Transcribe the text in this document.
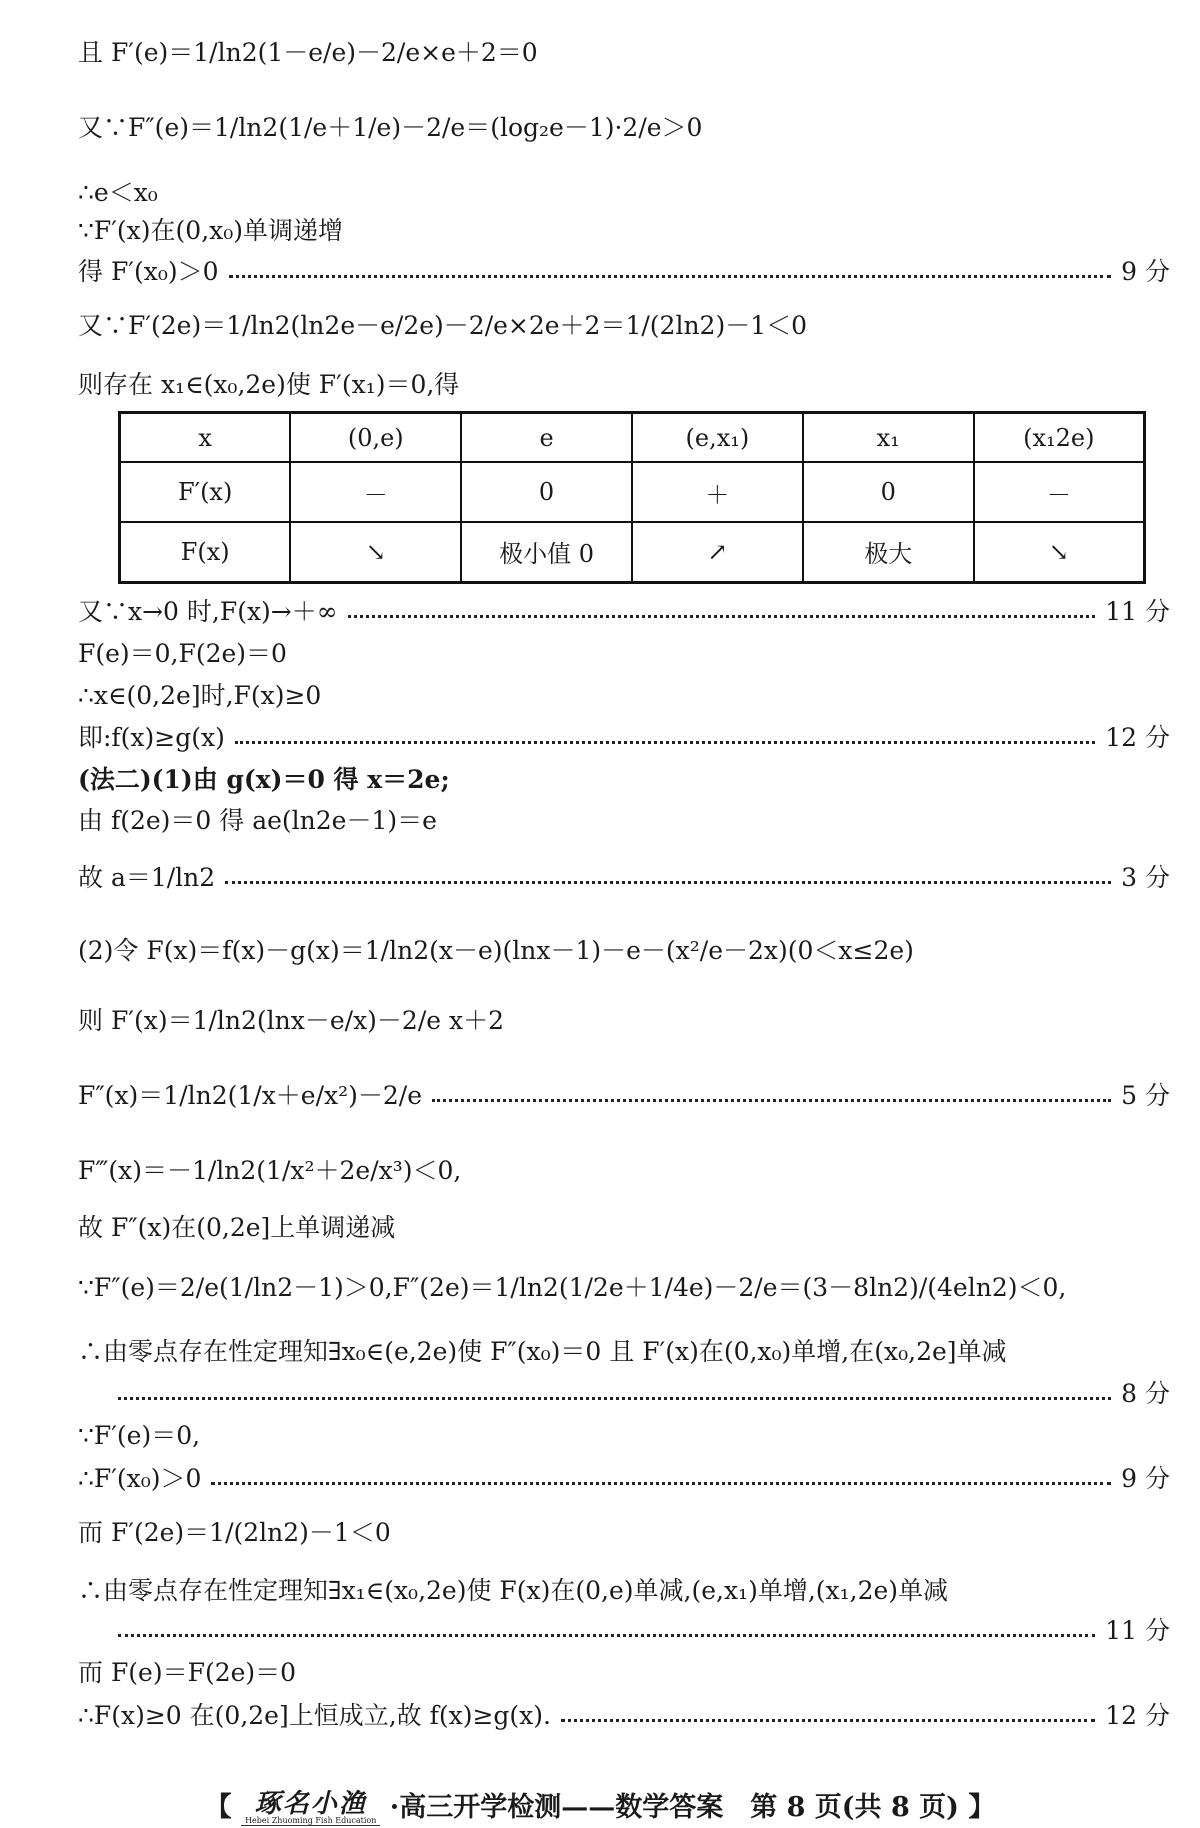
且 F′(e)＝1/ln2(1－e/e)－2/e×e＋2＝0
又∵F″(e)＝1/ln2(1/e＋1/e)－2/e＝(log₂e－1)·2/e＞0
∴e＜x₀
∵F′(x)在(0,x₀)单调递增
得 F′(x₀)＞0	9 分
又∵F′(2e)＝1/ln2(ln2e－e/2e)－2/e×2e＋2＝1/(2ln2)－1＜0
则存在 x₁∈(x₀,2e)使 F′(x₁)＝0,得
x	(0,e)	e	(e,x₁)	x₁	(x₁2e)
F′(x)	－	0	＋	0	－
F(x)	↘	极小值 0	↗	极大	↘
又∵x→0 时,F(x)→＋∞	11 分
F(e)＝0,F(2e)＝0
∴x∈(0,2e]时,F(x)≥0
即:f(x)≥g(x)	12 分
(法二)(1)由 g(x)＝0 得 x＝2e;
由 f(2e)＝0 得 ae(ln2e－1)＝e
故 a＝1/ln2	3 分
(2)令 F(x)＝f(x)－g(x)＝1/ln2(x－e)(lnx－1)－e－(x²/e－2x)(0＜x≤2e)
则 F′(x)＝1/ln2(lnx－e/x)－2/e x＋2
F″(x)＝1/ln2(1/x＋e/x²)－2/e	5 分
F‴(x)＝－1/ln2(1/x²＋2e/x³)＜0,
故 F″(x)在(0,2e]上单调递减
∵F″(e)＝2/e(1/ln2－1)＞0,F″(2e)＝1/ln2(1/2e＋1/4e)－2/e＝(3－8ln2)/(4eln2)＜0,
∴由零点存在性定理知∃x₀∈(e,2e)使 F″(x₀)＝0 且 F′(x)在(0,x₀)单增,在(x₀,2e]单减
8 分
∵F′(e)＝0,
∴F′(x₀)＞0	9 分
而 F′(2e)＝1/(2ln2)－1＜0
∴由零点存在性定理知∃x₁∈(x₀,2e)使 F(x)在(0,e)单减,(e,x₁)单增,(x₁,2e)单减
11 分
而 F(e)＝F(2e)＝0
∴F(x)≥0 在(0,2e]上恒成立,故 f(x)≥g(x).	12 分
【 琢名小渔
Hebei Zhuoming Fish Education ·高三开学检测——数学答案　第 8 页(共 8 页) 】
